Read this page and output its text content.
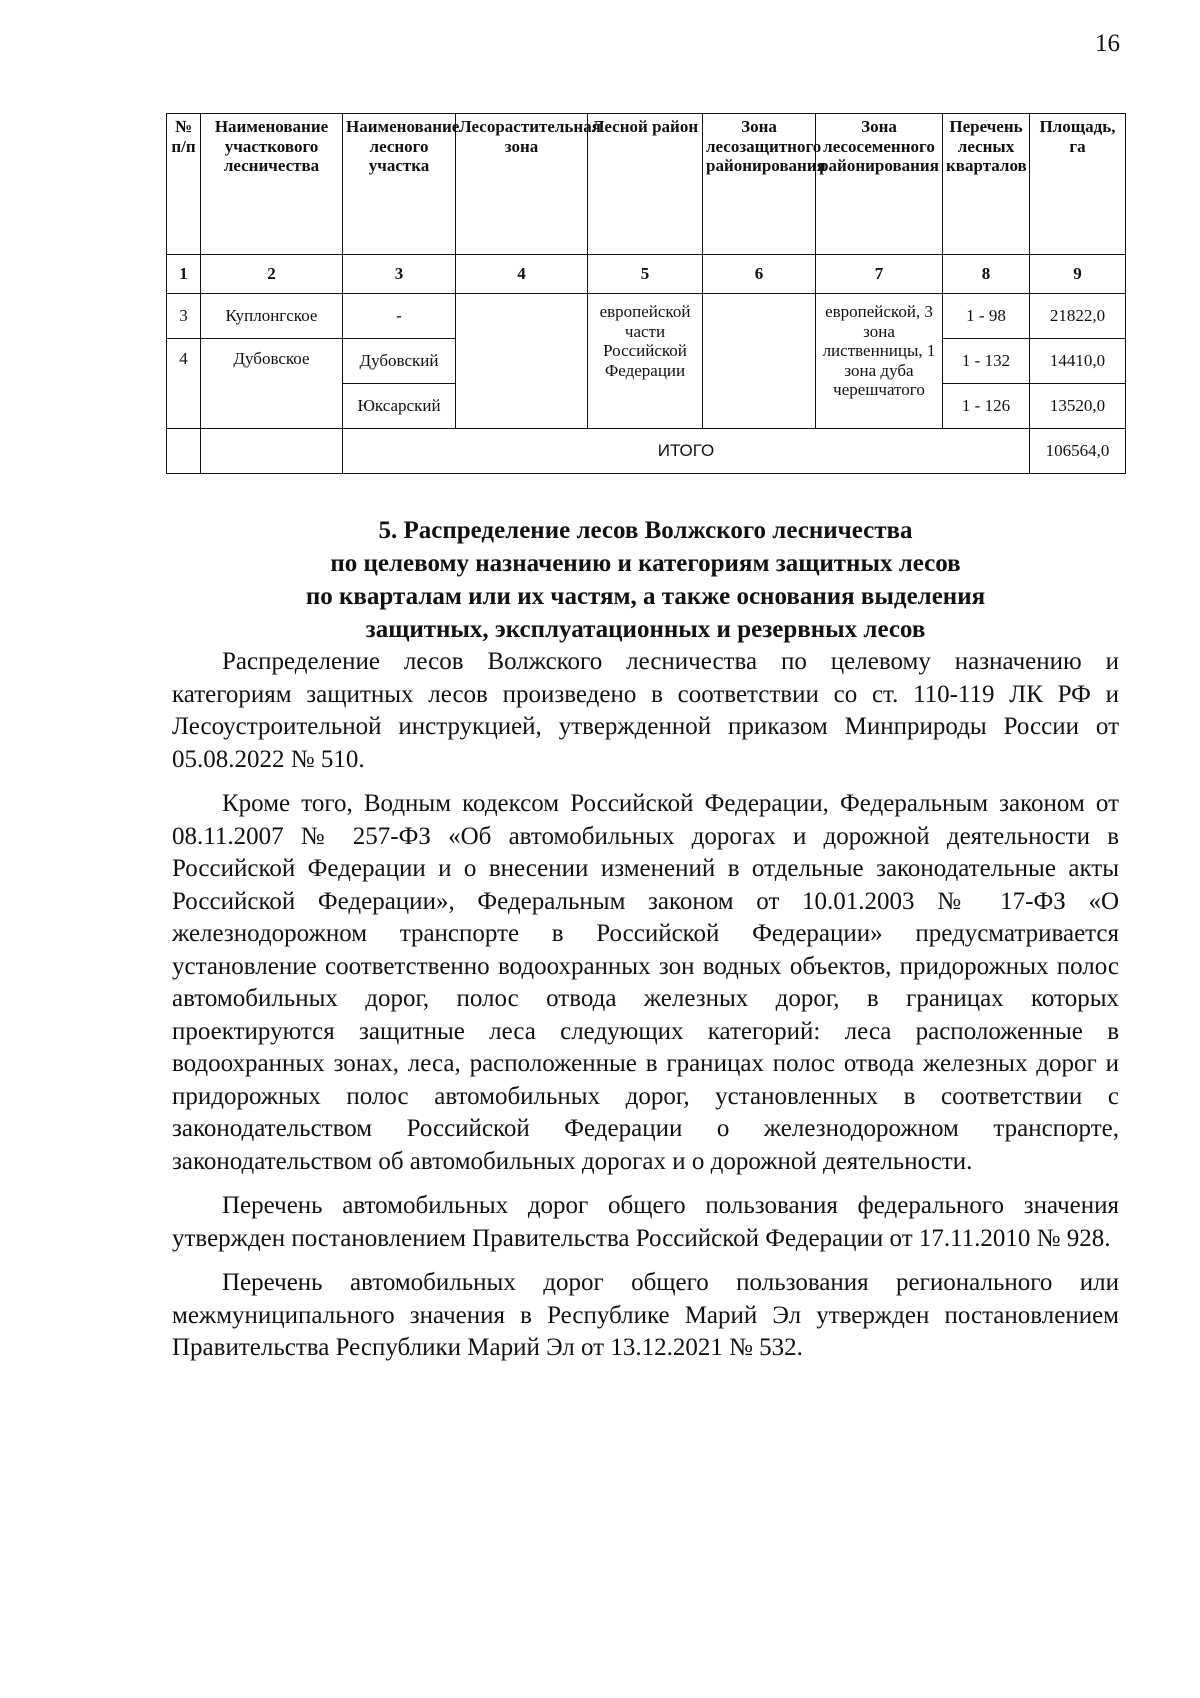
16
№ п/п	Наименование участкового лесничества	Наименование лесного участка	Лесорастительная зона	Лесной район	Зона лесозащитного районирования	Зона лесосеменного районирования	Перечень лесных кварталов	Площадь, га
1	2	3	4	5	6	7	8	9
3	Куплонгское	-		европейской части Российской Федерации		европейской, 3 зона лиственницы, 1 зона дуба черешчатого	1 - 98	21822,0
4	Дубовское	Дубовский					1 - 132	14410,0
		Юксарский					1 - 126	13520,0
		ИТОГО						106564,0
5. Распределение лесов Волжского лесничества
по целевому назначению и категориям защитных лесов
по кварталам или их частям, а также основания выделения
защитных, эксплуатационных и резервных лесов

Распределение лесов Волжского лесничества по целевому назначению и категориям защитных лесов произведено в соответствии со ст. 110-119 ЛК РФ и Лесоустроительной инструкцией, утвержденной приказом Минприроды России от 05.08.2022 № 510.

Кроме того, Водным кодексом Российской Федерации, Федеральным законом от 08.11.2007 № 257-ФЗ «Об автомобильных дорогах и дорожной деятельности в Российской Федерации и о внесении изменений в отдельные законодательные акты Российской Федерации», Федеральным законом от 10.01.2003 № 17-ФЗ «О железнодорожном транспорте в Российской Федерации» предусматривается установление соответственно водоохранных зон водных объектов, придорожных полос автомобильных дорог, полос отвода железных дорог, в границах которых проектируются защитные леса следующих категорий: леса расположенные в водоохранных зонах, леса, расположенные в границах полос отвода железных дорог и придорожных полос автомобильных дорог, установленных в соответствии с законодательством Российской Федерации о железнодорожном транспорте, законодательством об автомобильных дорогах и о дорожной деятельности.

Перечень автомобильных дорог общего пользования федерального значения утвержден постановлением Правительства Российской Федерации от 17.11.2010 № 928.

Перечень автомобильных дорог общего пользования регионального или межмуниципального значения в Республике Марий Эл утвержден постановлением Правительства Республики Марий Эл от 13.12.2021 № 532.
